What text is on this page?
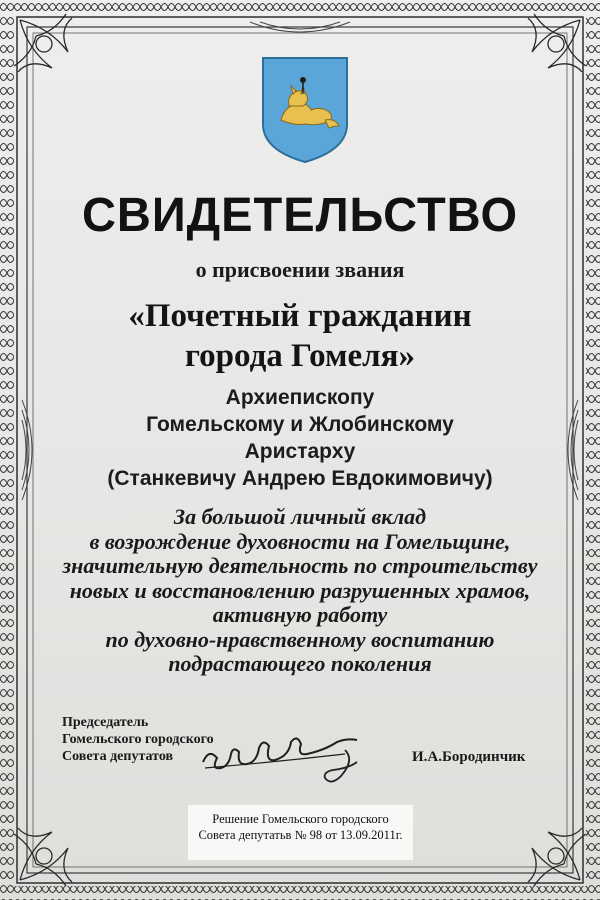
СВИДЕТЕЛЬСТВО
о присвоении звания
«Почетный гражданин
города Гомеля»
Архиепископу
Гомельскому и Жлобинскому
Аристарху
(Станкевичу Андрею Евдокимовичу)
За большой личный вклад
в возрождение духовности на Гомельщине,
значительную деятельность по строительству
новых и восстановлению разрушенных храмов,
активную работу
по духовно-нравственному воспитанию
подрастающего поколения
Председатель
Гомельского городского
Совета депутатов	И.А.Бородинчик
Решение Гомельского городского
Совета депутатьв № 98 от 13.09.2011г.
